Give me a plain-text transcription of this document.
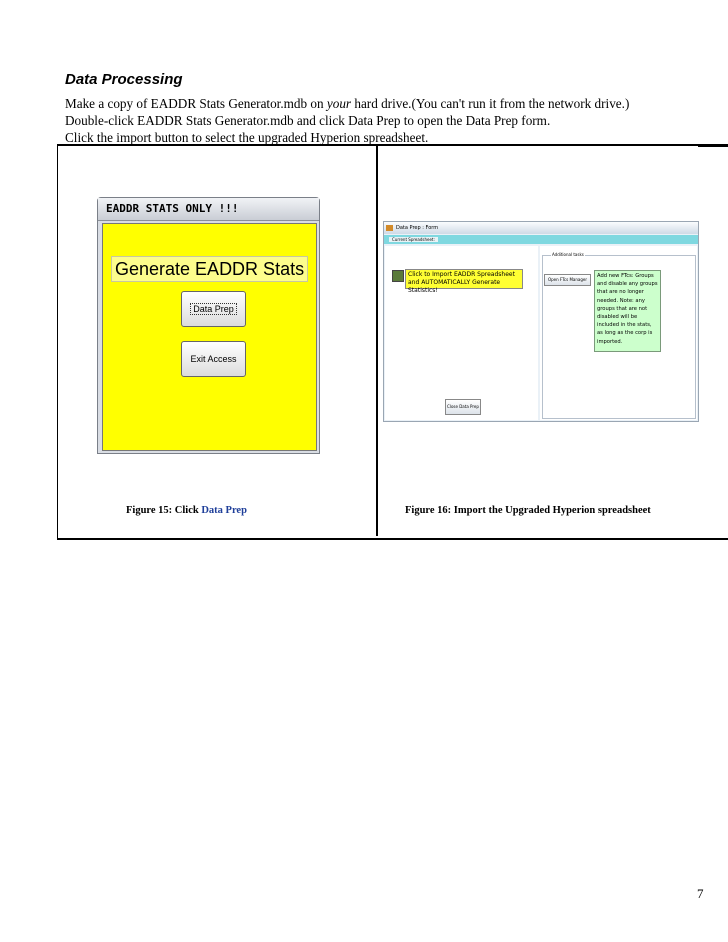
Data Processing
Make a copy of EADDR Stats Generator.mdb on your hard drive.(You can't run it from the network drive.)
Double-click EADDR Stats Generator.mdb and click Data Prep to open the Data Prep form.
Click the import button to select the upgraded Hyperion spreadsheet.
EADDR STATS ONLY !!!
Generate EADDR Stats
Data Prep
Exit Access
Data Prep : Form
Current Spreadsheet:
Additional tasks
Click to Import EADDR Spreadsheet and AUTOMATICALLY Generate Statistics!
Open FTcs Manager
Add new FTcs: Groups and disable any groups that are no longer needed. Note: any groups that are not disabled will be included in the stats, as long as the corp is imported.
Close Data Prep
Figure 15: Click Data Prep	Figure 16: Import the Upgraded Hyperion spreadsheet
7
